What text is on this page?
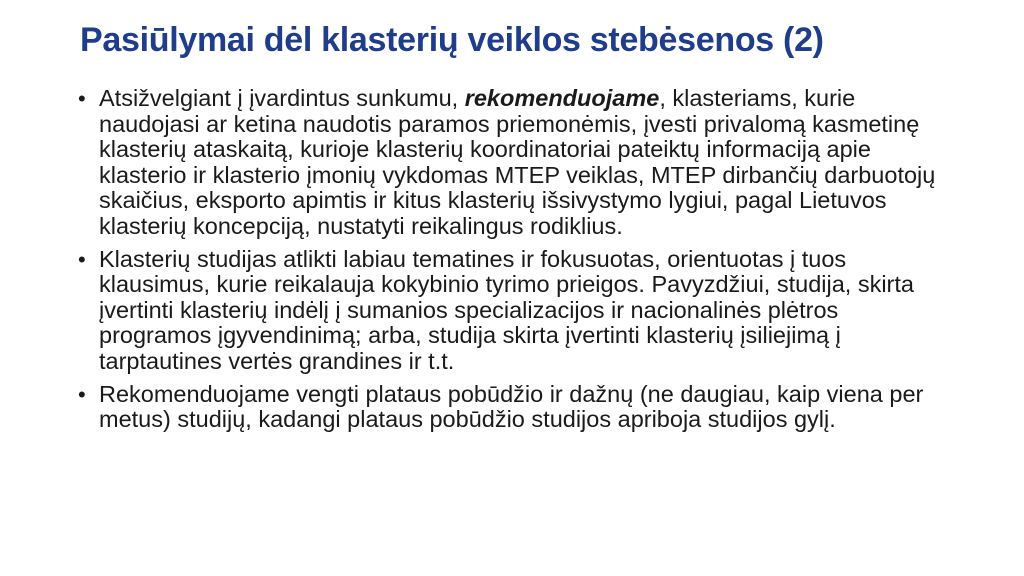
Pasiūlymai dėl klasterių veiklos stebėsenos (2)
• Atsižvelgiant į įvardintus sunkumu, rekomenduojame, klasteriams, kurie naudojasi ar ketina naudotis paramos priemonėmis, įvesti privalomą kasmetinę klasterių ataskaitą, kurioje klasterių koordinatoriai pateiktų informaciją apie klasterio ir klasterio įmonių vykdomas MTEP veiklas, MTEP dirbančių darbuotojų skaičius, eksporto apimtis ir kitus klasterių išsivystymo lygiui, pagal Lietuvos klasterių koncepciją, nustatyti reikalingus rodiklius.
• Klasterių studijas atlikti labiau tematines ir fokusuotas, orientuotas į tuos klausimus, kurie reikalauja kokybinio tyrimo prieigos. Pavyzdžiui, studija, skirta įvertinti klasterių indėlį į sumanios specializacijos ir nacionalinės plėtros programos įgyvendinimą; arba, studija skirta įvertinti klasterių įsiliejimą į tarptautines vertės grandines ir t.t.
• Rekomenduojame vengti plataus pobūdžio ir dažnų (ne daugiau, kaip viena per metus) studijų, kadangi plataus pobūdžio studijos apriboja studijos gylį.
